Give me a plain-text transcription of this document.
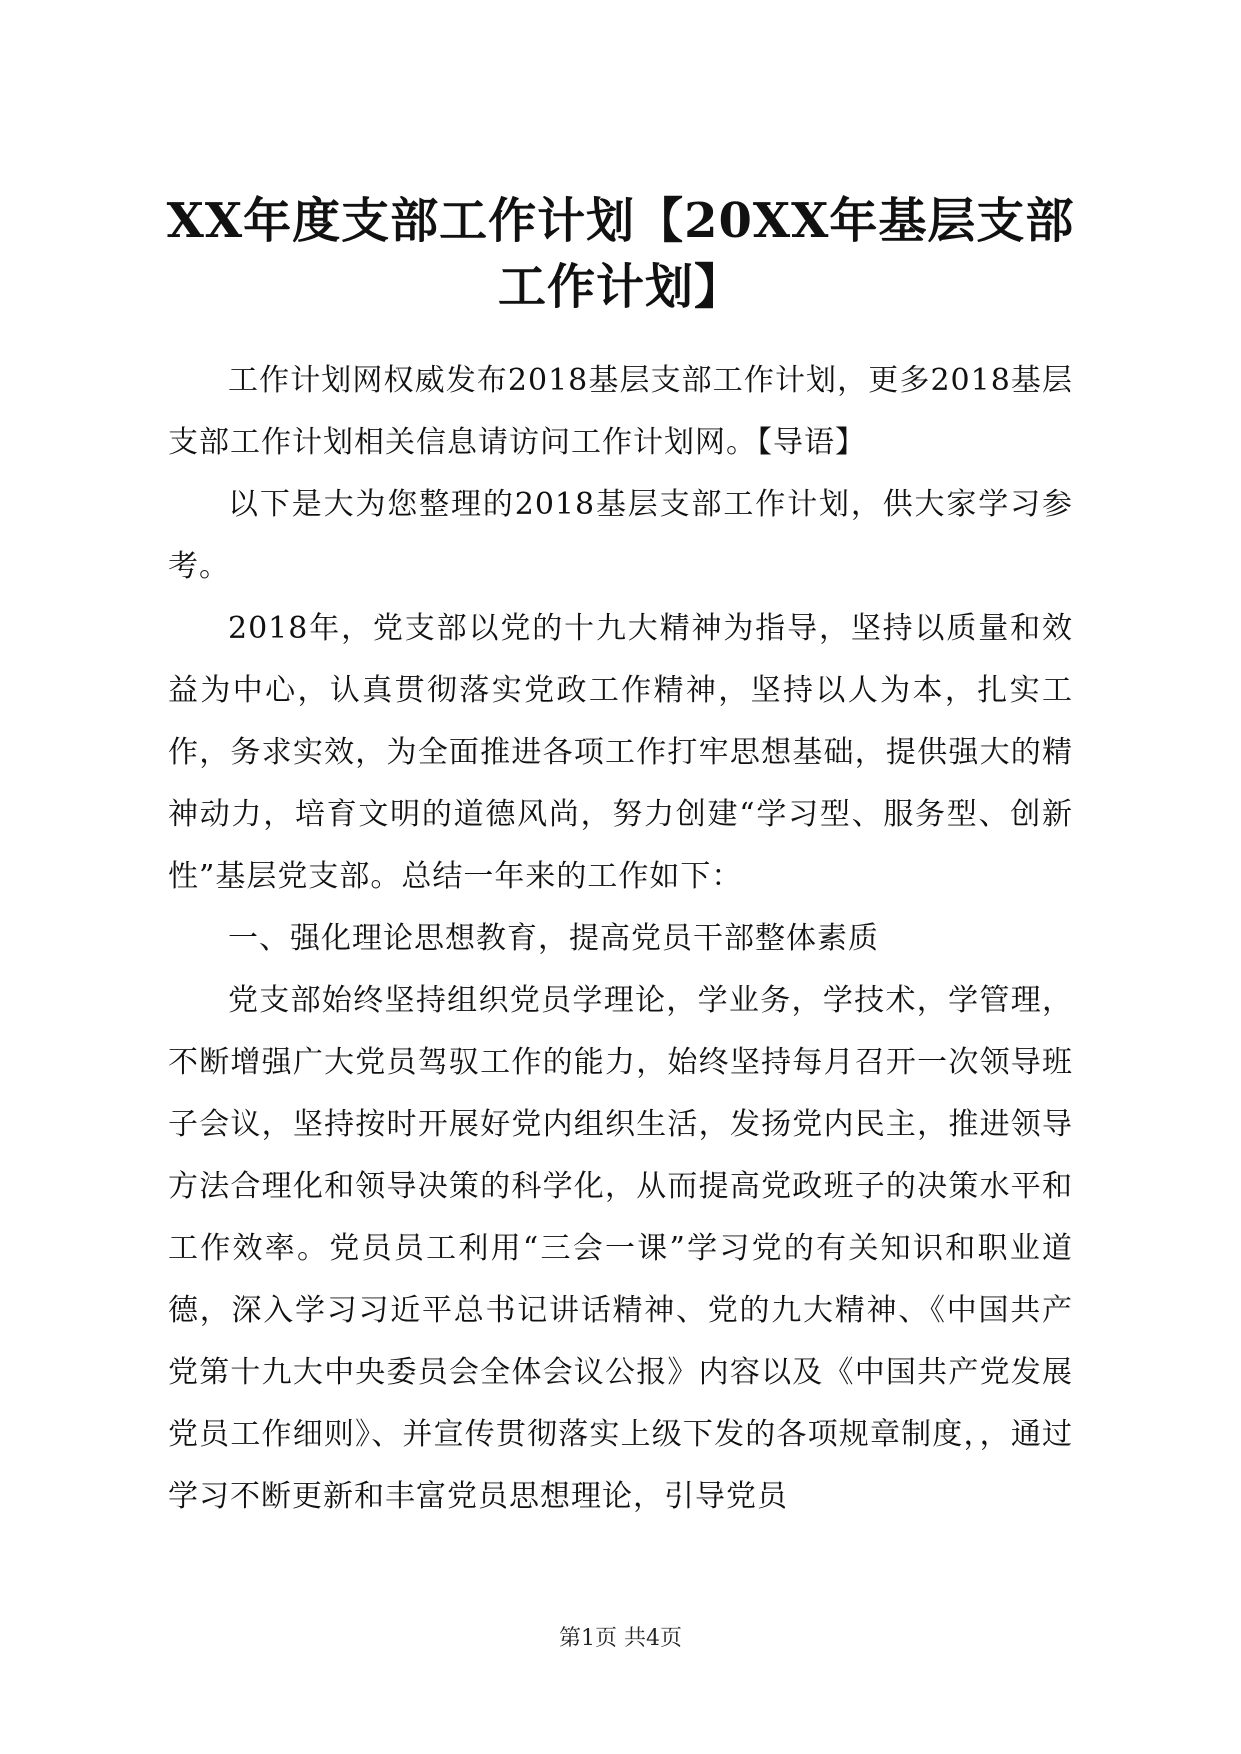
XX年度支部工作计划【20XX年基层支部工作计划】

工作计划网权威发布2018基层支部工作计划，更多2018基层支部工作计划相关信息请访问工作计划网。【导语】

以下是大为您整理的2018基层支部工作计划，供大家学习参考。

2018年，党支部以党的十九大精神为指导，坚持以质量和效益为中心，认真贯彻落实党政工作精神，坚持以人为本，扎实工作，务求实效，为全面推进各项工作打牢思想基础，提供强大的精神动力，培育文明的道德风尚，努力创建“学习型、服务型、创新性”基层党支部。总结一年来的工作如下：

一、强化理论思想教育，提高党员干部整体素质

党支部始终坚持组织党员学理论，学业务，学技术，学管理，不断增强广大党员驾驭工作的能力，始终坚持每月召开一次领导班子会议，坚持按时开展好党内组织生活，发扬党内民主，推进领导方法合理化和领导决策的科学化，从而提高党政班子的决策水平和工作效率。党员员工利用“三会一课”学习党的有关知识和职业道德，深入学习习近平总书记讲话精神、党的九大精神、《中国共产党第十九大中央委员会全体会议公报》内容以及《中国共产党发展党员工作细则》、并宣传贯彻落实上级下发的各项规章制度，，通过学习不断更新和丰富党员思想理论，引导党员

第1页 共4页
